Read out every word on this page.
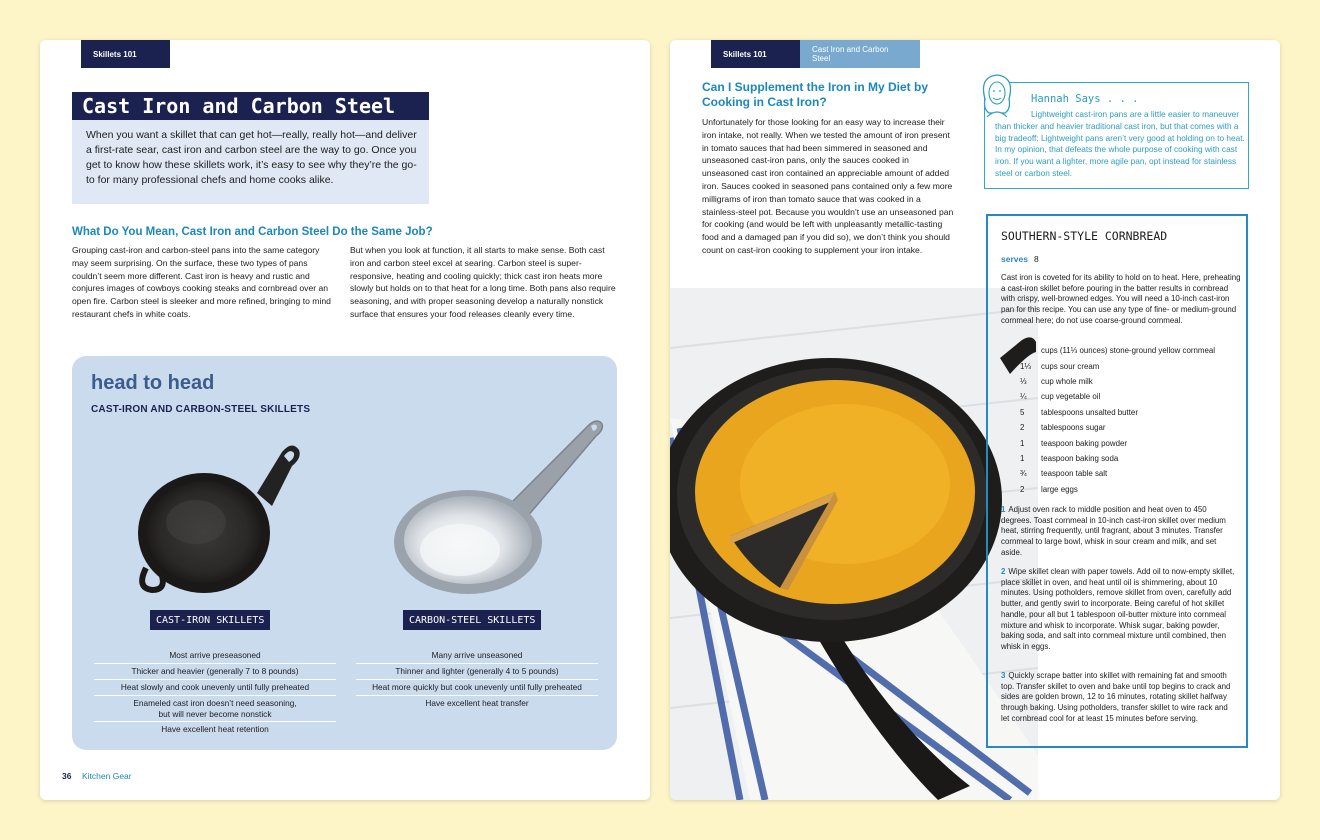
Skillets 101
Cast Iron and Carbon Steel
When you want a skillet that can get hot—really, really hot—and deliver a first-rate sear, cast iron and carbon steel are the way to go. Once you get to know how these skillets work, it’s easy to see why they’re the go-to for many professional chefs and home cooks alike.
What Do You Mean, Cast Iron and Carbon Steel Do the Same Job?
Grouping cast-iron and carbon-steel pans into the same category may seem surprising. On the surface, these two types of pans couldn’t seem more different. Cast iron is heavy and rustic and conjures images of cowboys cooking steaks and cornbread over an open fire. Carbon steel is sleeker and more refined, bringing to mind restaurant chefs in white coats.
But when you look at function, it all starts to make sense. Both cast iron and carbon steel excel at searing. Carbon steel is super-responsive, heating and cooling quickly; thick cast iron heats more slowly but holds on to that heat for a long time. Both pans also require seasoning, and with proper seasoning develop a naturally nonstick surface that ensures your food releases cleanly every time.
head to head
CAST-IRON AND CARBON-STEEL SKILLETS
CAST-IRON SKILLETS	CARBON-STEEL SKILLETS
Most arrive preseasoned
Thicker and heavier (generally 7 to 8 pounds)
Heat slowly and cook unevenly until fully preheated
Enameled cast iron doesn’t need seasoning,
but will never become nonstick
Have excellent heat retention
Many arrive unseasoned
Thinner and lighter (generally 4 to 5 pounds)
Heat more quickly but cook unevenly until fully preheated
Have excellent heat transfer
36 Kitchen Gear
Skillets 101	Cast Iron and Carbon Steel
Can I Supplement the Iron in My Diet by Cooking in Cast Iron?
Unfortunately for those looking for an easy way to increase their iron intake, not really. When we tested the amount of iron present in tomato sauces that had been simmered in seasoned and unseasoned cast-iron pans, only the sauces cooked in unseasoned cast iron contained an appreciable amount of added iron. Sauces cooked in seasoned pans contained only a few more milligrams of iron than tomato sauce that was cooked in a stainless-steel pot. Because you wouldn’t use an unseasoned pan for cooking (and would be left with unpleasantly metallic-tasting food and a damaged pan if you did so), we don’t think you should count on cast-iron cooking to supplement your iron intake.
Hannah Says . . .
Lightweight cast-iron pans are a little easier to maneuver than thicker and heavier traditional cast iron, but that comes with a big tradeoff: Lightweight pans aren’t very good at holding on to heat. In my opinion, that defeats the whole purpose of cooking with cast iron. If you want a lighter, more agile pan, opt instead for stainless steel or carbon steel.
SOUTHERN-STYLE CORNBREAD
serves 8
Cast iron is coveted for its ability to hold on to heat. Here, preheating a cast-iron skillet before pouring in the batter results in cornbread with crispy, well-browned edges. You will need a 10-inch cast-iron pan for this recipe. You can use any type of fine- or medium-ground cornmeal here; do not use coarse-ground cornmeal.
2⅔ cups (11⅓ ounces) stone-ground yellow cornmeal
1⅓ cups sour cream
⅓ cup whole milk
¼ cup vegetable oil
5 tablespoons unsalted butter
2 tablespoons sugar
1 teaspoon baking powder
1 teaspoon baking soda
¾ teaspoon table salt
2 large eggs
1 Adjust oven rack to middle position and heat oven to 450 degrees. Toast cornmeal in 10-inch cast-iron skillet over medium heat, stirring frequently, until fragrant, about 3 minutes. Transfer cornmeal to large bowl, whisk in sour cream and milk, and set aside.
2 Wipe skillet clean with paper towels. Add oil to now-empty skillet, place skillet in oven, and heat until oil is shimmering, about 10 minutes. Using potholders, remove skillet from oven, carefully add butter, and gently swirl to incorporate. Being careful of hot skillet handle, pour all but 1 tablespoon oil-butter mixture into cornmeal mixture and whisk to incorporate. Whisk sugar, baking powder, baking soda, and salt into cornmeal mixture until combined, then whisk in eggs.
3 Quickly scrape batter into skillet with remaining fat and smooth top. Transfer skillet to oven and bake until top begins to crack and sides are golden brown, 12 to 16 minutes, rotating skillet halfway through baking. Using potholders, transfer skillet to wire rack and let cornbread cool for at least 15 minutes before serving.
